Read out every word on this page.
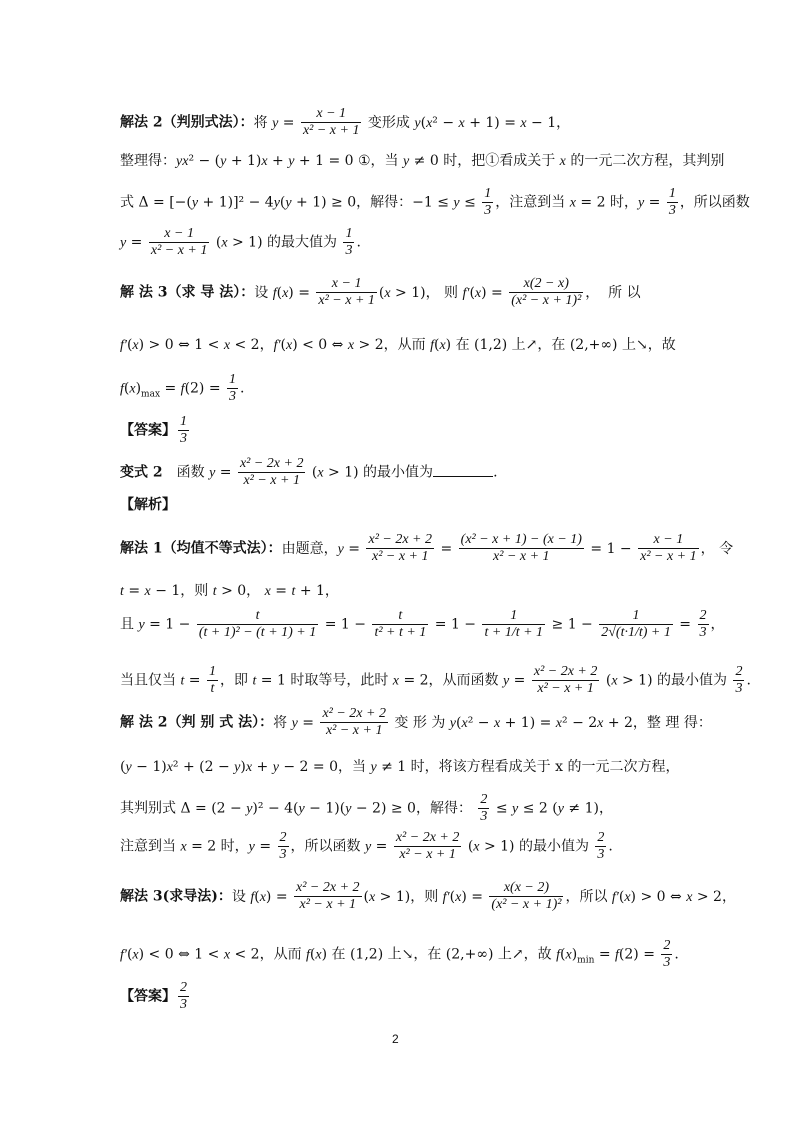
解法 2（判别式法）：将 $y = \frac{x - 1}{\text{x² − x + 1}}$ 变形成 y(x² − x + 1) = x − 1，
整理得：yx² − (y + 1)x + y + 1 = 0 ①，当 y ≠ 0 时，把①看成关于 x 的一元二次方程，其判别
式 Δ = [−(y + 1)]² − 4y(y + 1) ≥ 0，解得：$-1 \le y \le \frac{1}{3}$ ，注意到当 x = 2 时，$y = \frac{1}{3}$ ，所以函数
$y = \frac{x - 1}{\text{x² − x + 1}} (x > 1)$ 的最大值为 $\frac{1}{3}$ .
解 法 3（求 导 法）：设 $f(x) = \frac{x - 1}{\text{x² − x + 1}} (x > 1)$， 则 $f'(x) = \frac{x(2 - x)}{\text{(x² − x + 1)²}}$ ，  所 以
f′(x) > 0 ⇔ 1 < x < 2，f′(x) < 0 ⇔ x > 2，从而 f(x) 在 (1,2) 上↗，在 (2,+∞) 上↘，故
$f(x)_{max} = f(2) = \frac{1}{3}$ .
【答案】 $\frac{1}{3}$
变式 2　函数 $y = \frac{\text{x² − 2x + 2}}{\text{x² − x + 1}} (x > 1)$ 的最小值为	.
【解析】
解法 1（均值不等式法）：由题意，$y = \frac{\text{x² − 2x + 2}}{\text{x² − x + 1}} = \frac{\text{(x² − x + 1) − (x − 1)}}{\text{x² − x + 1}} = 1 - \frac{x - 1}{\text{x² − x + 1}}$ ， 令
t = x − 1，则 t > 0， x = t + 1，
且 $y = 1 - \frac{t}{\text{(t + 1)² − (t + 1) + 1}} = 1 - \frac{t}{\text{t² + t + 1}} = 1 - \frac{1}{t + 1/t + 1} \ge 1 - \frac{1}{2√(t\cdot 1/t) + 1} = \frac{2}{3}$ ，
当且仅当 $t = \frac{1}{t}$ ，即 t = 1 时取等号，此时 x = 2，从而函数 $y = \frac{\text{x² − 2x + 2}}{\text{x² − x + 1}} (x > 1)$ 的最小值为 $\frac{2}{3}$ .
解 法 2（判 别 式 法）：将 $y = \frac{\text{x² − 2x + 2}}{\text{x² − x + 1}}$ 变 形 为 y(x² − x + 1) = x² − 2x + 2，整 理 得：
(y − 1)x² + (2 − y)x + y − 2 = 0，当 y ≠ 1 时，将该方程看成关于 x 的一元二次方程，
其判别式 Δ = (2 − y)² − 4(y − 1)(y − 2) ≥ 0，解得： $\frac{2}{3} \le y \le 2$ (y ≠ 1)，
注意到当 x = 2 时，$y = \frac{2}{3}$ ，所以函数 $y = \frac{\text{x² − 2x + 2}}{\text{x² − x + 1}} (x > 1)$ 的最小值为 $\frac{2}{3}$ .
解法 3(求导法)：设 $f(x) = \frac{\text{x² − 2x + 2}}{\text{x² − x + 1}} (x > 1)$，则 $f'(x) = \frac{x(x - 2)}{\text{(x² − x + 1)²}}$ ，所以 f′(x) > 0 ⇔ x > 2，
f′(x) < 0 ⇔ 1 < x < 2，从而 f(x) 在 (1,2) 上↘，在 (2,+∞) 上↗，故 $f(x)_{min} = f(2) = \frac{2}{3}$ .
【答案】 $\frac{2}{3}$
2
